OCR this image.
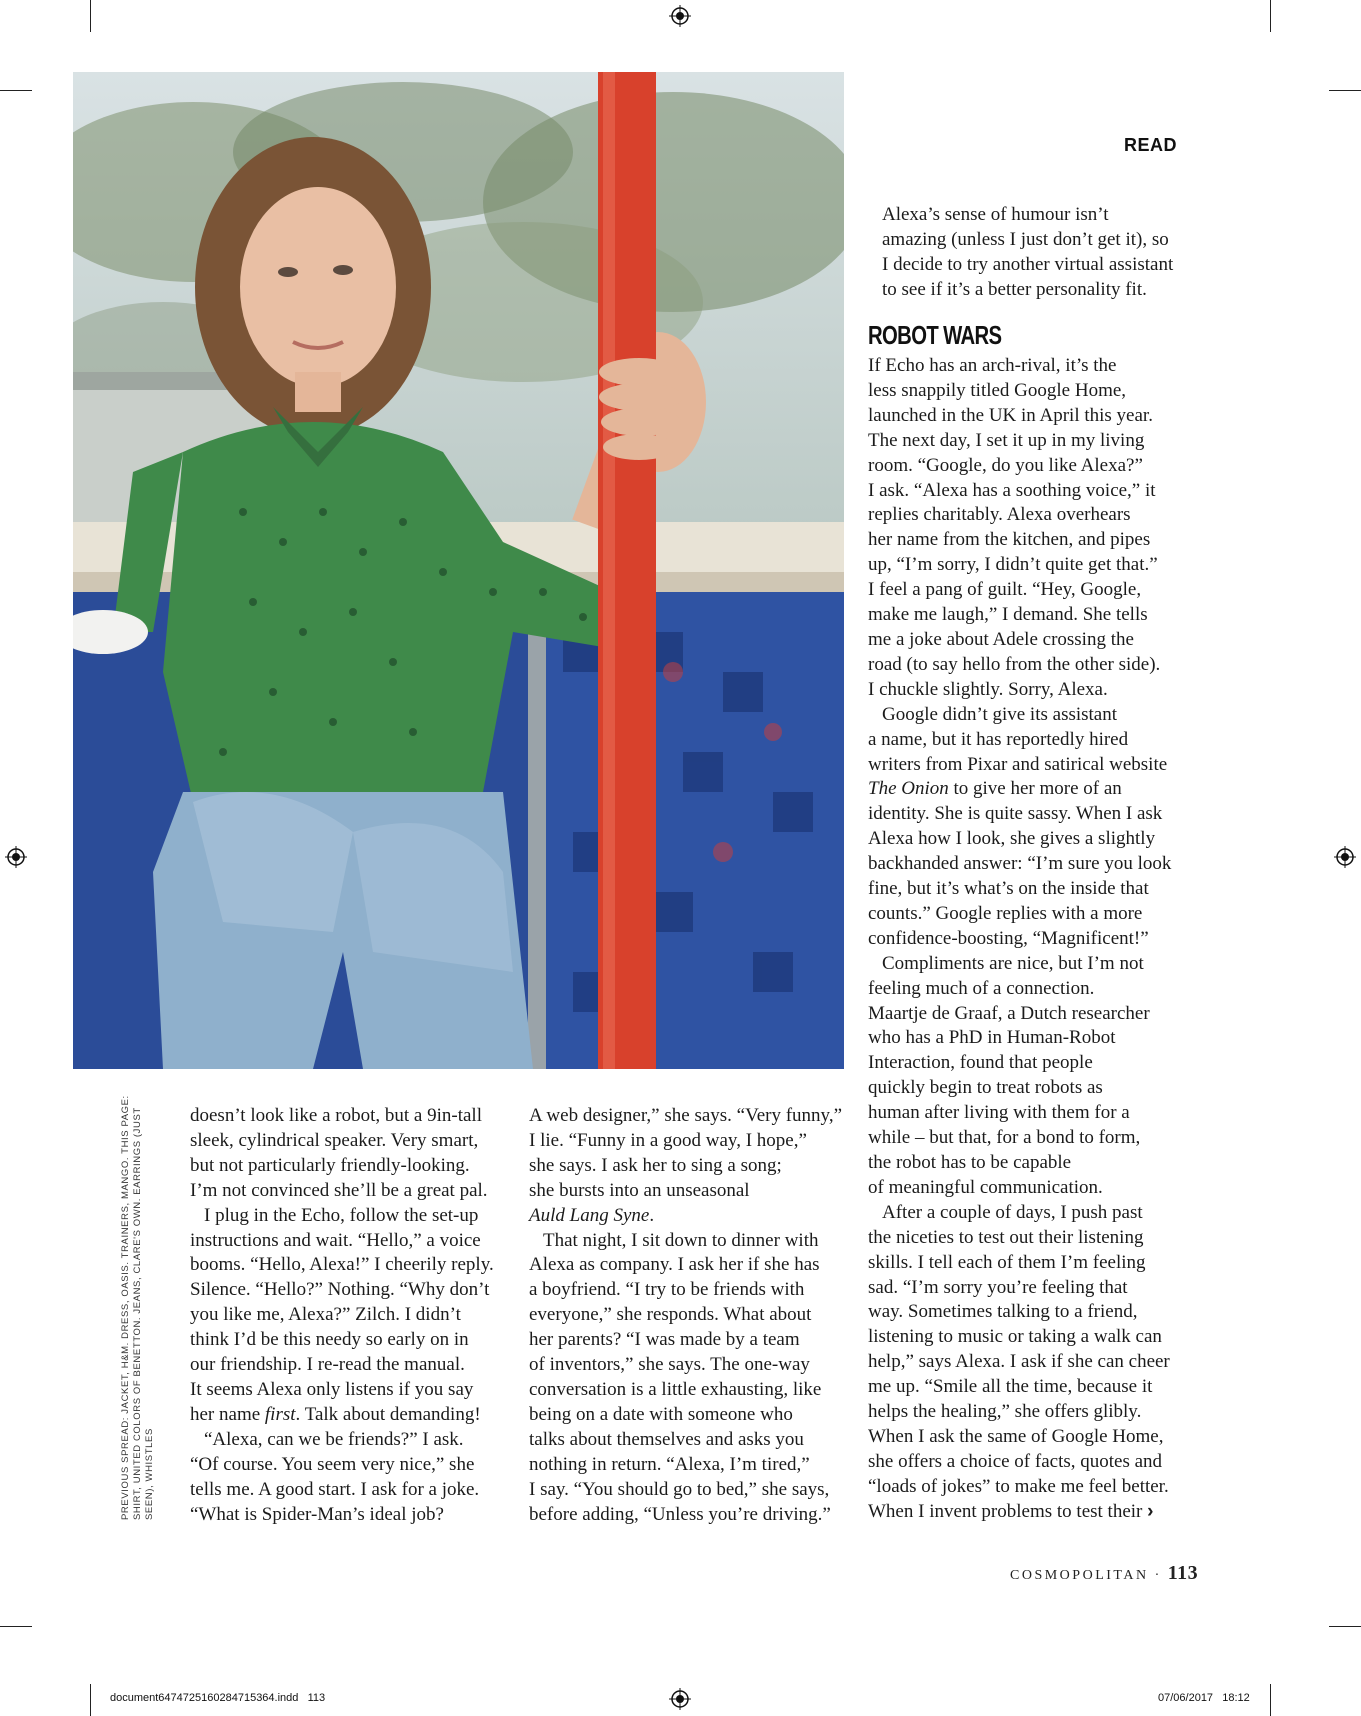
READ

Alexa’s sense of humour isn’t
amazing (unless I just don’t get it), so
I decide to try another virtual assistant
to see if it’s a better personality fit.

ROBOT WARS
If Echo has an arch-rival, it’s the
less snappily titled Google Home,
launched in the UK in April this year.
The next day, I set it up in my living
room. “Google, do you like Alexa?”
I ask. “Alexa has a soothing voice,” it
replies charitably. Alexa overhears
her name from the kitchen, and pipes
up, “I’m sorry, I didn’t quite get that.”
I feel a pang of guilt. “Hey, Google,
make me laugh,” I demand. She tells
me a joke about Adele crossing the
road (to say hello from the other side).
I chuckle slightly. Sorry, Alexa.
Google didn’t give its assistant
a name, but it has reportedly hired
writers from Pixar and satirical website
The Onion to give her more of an
identity. She is quite sassy. When I ask
Alexa how I look, she gives a slightly
backhanded answer: “I’m sure you look
fine, but it’s what’s on the inside that
counts.” Google replies with a more
confidence-boosting, “Magnificent!”
Compliments are nice, but I’m not
feeling much of a connection.
Maartje de Graaf, a Dutch researcher
who has a PhD in Human-Robot
Interaction, found that people
quickly begin to treat robots as
human after living with them for a
while – but that, for a bond to form,
the robot has to be capable
of meaningful communication.
After a couple of days, I push past
the niceties to test out their listening
skills. I tell each of them I’m feeling
sad. “I’m sorry you’re feeling that
way. Sometimes talking to a friend,
listening to music or taking a walk can
help,” says Alexa. I ask if she can cheer
me up. “Smile all the time, because it
helps the healing,” she offers glibly.
When I ask the same of Google Home,
she offers a choice of facts, quotes and
“loads of jokes” to make me feel better.
When I invent problems to test their ›
doesn’t look like a robot, but a 9in-tall
sleek, cylindrical speaker. Very smart,
but not particularly friendly-looking.
I’m not convinced she’ll be a great pal.
I plug in the Echo, follow the set-up
instructions and wait. “Hello,” a voice
booms. “Hello, Alexa!” I cheerily reply.
Silence. “Hello?” Nothing. “Why don’t
you like me, Alexa?” Zilch. I didn’t
think I’d be this needy so early on in
our friendship. I re-read the manual.
It seems Alexa only listens if you say
her name first. Talk about demanding!
“Alexa, can we be friends?” I ask.
“Of course. You seem very nice,” she
tells me. A good start. I ask for a joke.
“What is Spider-Man’s ideal job?
A web designer,” she says. “Very funny,”
I lie. “Funny in a good way, I hope,”
she says. I ask her to sing a song;
she bursts into an unseasonal
Auld Lang Syne.
That night, I sit down to dinner with
Alexa as company. I ask her if she has
a boyfriend. “I try to be friends with
everyone,” she responds. What about
her parents? “I was made by a team
of inventors,” she says. The one-way
conversation is a little exhausting, like
being on a date with someone who
talks about themselves and asks you
nothing in return. “Alexa, I’m tired,”
I say. “You should go to bed,” she says,
before adding, “Unless you’re driving.”
PREVIOUS SPREAD: JACKET, H&M. DRESS, OASIS. TRAINERS, MANGO. THIS PAGE: SHIRT, UNITED COLORS OF BENETTON. JEANS, CLARE'S OWN. EARRINGS (JUST SEEN), WHISTLES
COSMOPOLITAN · 113
document6474725160284715364.indd   113	07/06/2017   18:12
